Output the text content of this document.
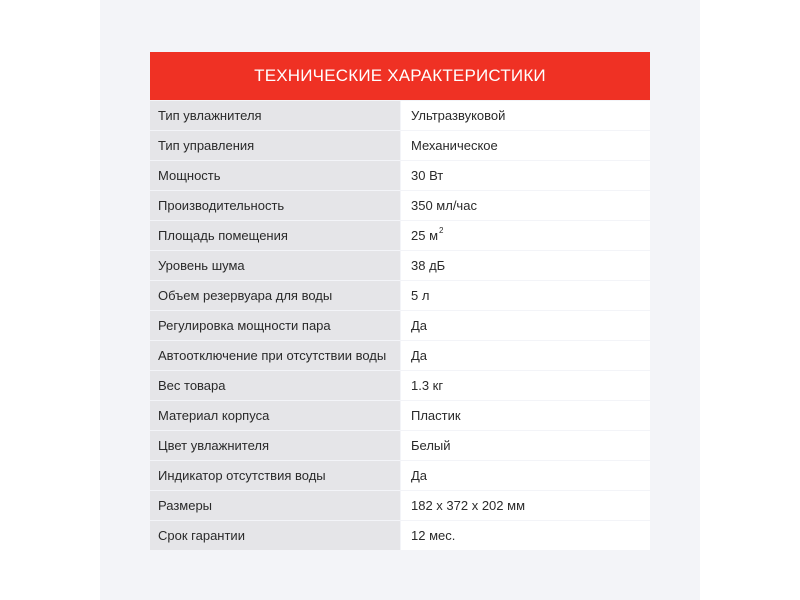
ТЕХНИЧЕСКИЕ ХАРАКТЕРИСТИКИ
Тип увлажнителя	Ультразвуковой
Тип управления	Механическое
Мощность	30 Вт
Производительность	350 мл/час
Площадь помещения	25 $м^2$
Уровень шума	38 дБ
Объем резервуара для воды	5 л
Регулировка мощности пара	Да
Автоотключение при отсутствии воды	Да
Вес товара	1.3 кг
Материал корпуса	Пластик
Цвет увлажнителя	Белый
Индикатор отсутствия воды	Да
Размеры	182 х 372 х 202 мм
Срок гарантии	12 мес.
